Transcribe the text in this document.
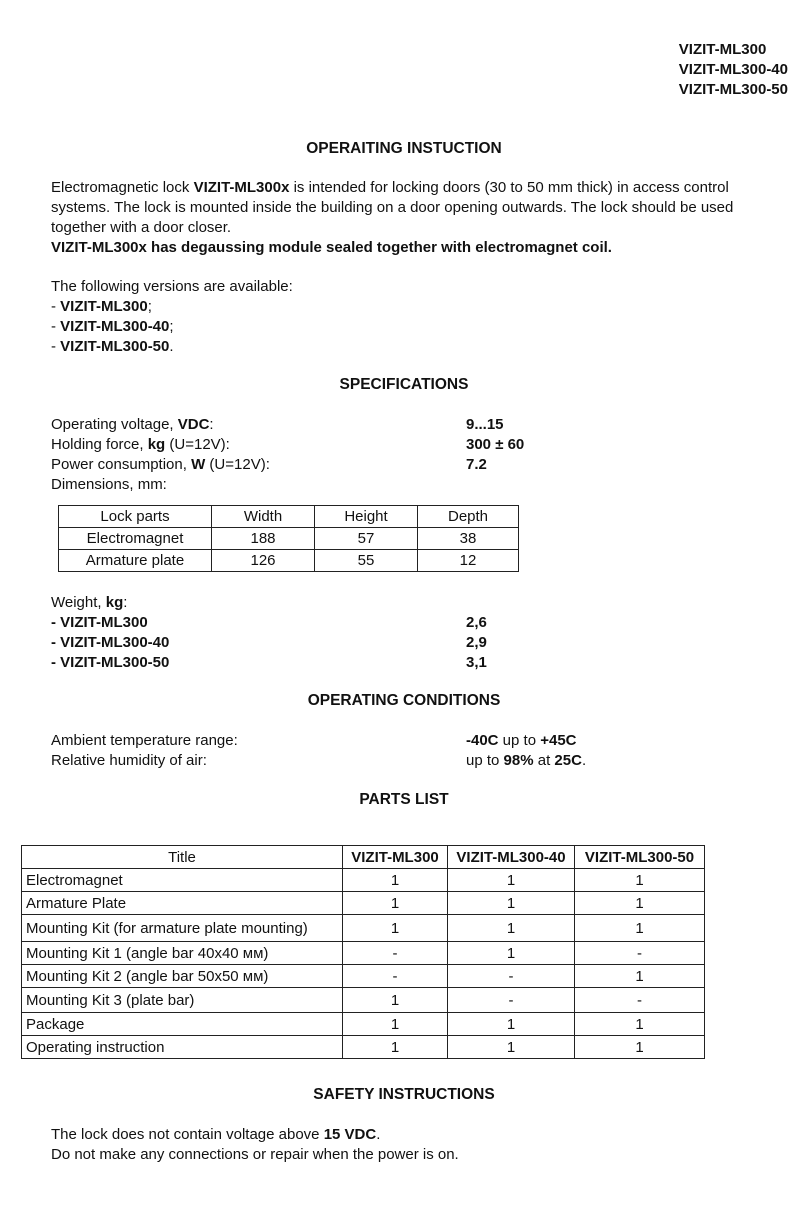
VIZIT-ML300
VIZIT-ML300-40
VIZIT-ML300-50
OPERAITING INSTUCTION
Electromagnetic lock VIZIT-ML300x is intended for locking doors (30 to 50 mm thick) in access control systems. The lock is mounted inside the building on a door opening outwards. The lock should be used together with a door closer.
VIZIT-ML300x has degaussing module sealed together with electromagnet coil.
The following versions are available:
- VIZIT-ML300;
- VIZIT-ML300-40;
- VIZIT-ML300-50.
SPECIFICATIONS
Operating voltage, VDC:	9...15
Holding force, kg (U=12V):	300 ± 60
Power consumption, W (U=12V):	7.2
Dimensions, mm:
Lock parts	Width	Height	Depth
Electromagnet	188	57	38
Armature plate	126	55	12
Weight, kg:
- VIZIT-ML300	2,6
- VIZIT-ML300-40	2,9
- VIZIT-ML300-50	3,1
OPERATING CONDITIONS
Ambient temperature range:	-40C up to +45C
Relative humidity of air:	up to 98% at 25C.
PARTS LIST
Title	VIZIT-ML300	VIZIT-ML300-40	VIZIT-ML300-50
Electromagnet	1	1	1
Armature Plate	1	1	1
Mounting Kit (for armature plate mounting)	1	1	1
Mounting Kit 1 (angle bar 40x40 мм)	-	1	-
Mounting Kit 2 (angle bar 50x50 мм)	-	-	1
Mounting Kit 3 (plate bar)	1	-	-
Package	1	1	1
Operating instruction	1	1	1
SAFETY INSTRUCTIONS
The lock does not contain voltage above 15 VDC.
Do not make any connections or repair when the power is on.
